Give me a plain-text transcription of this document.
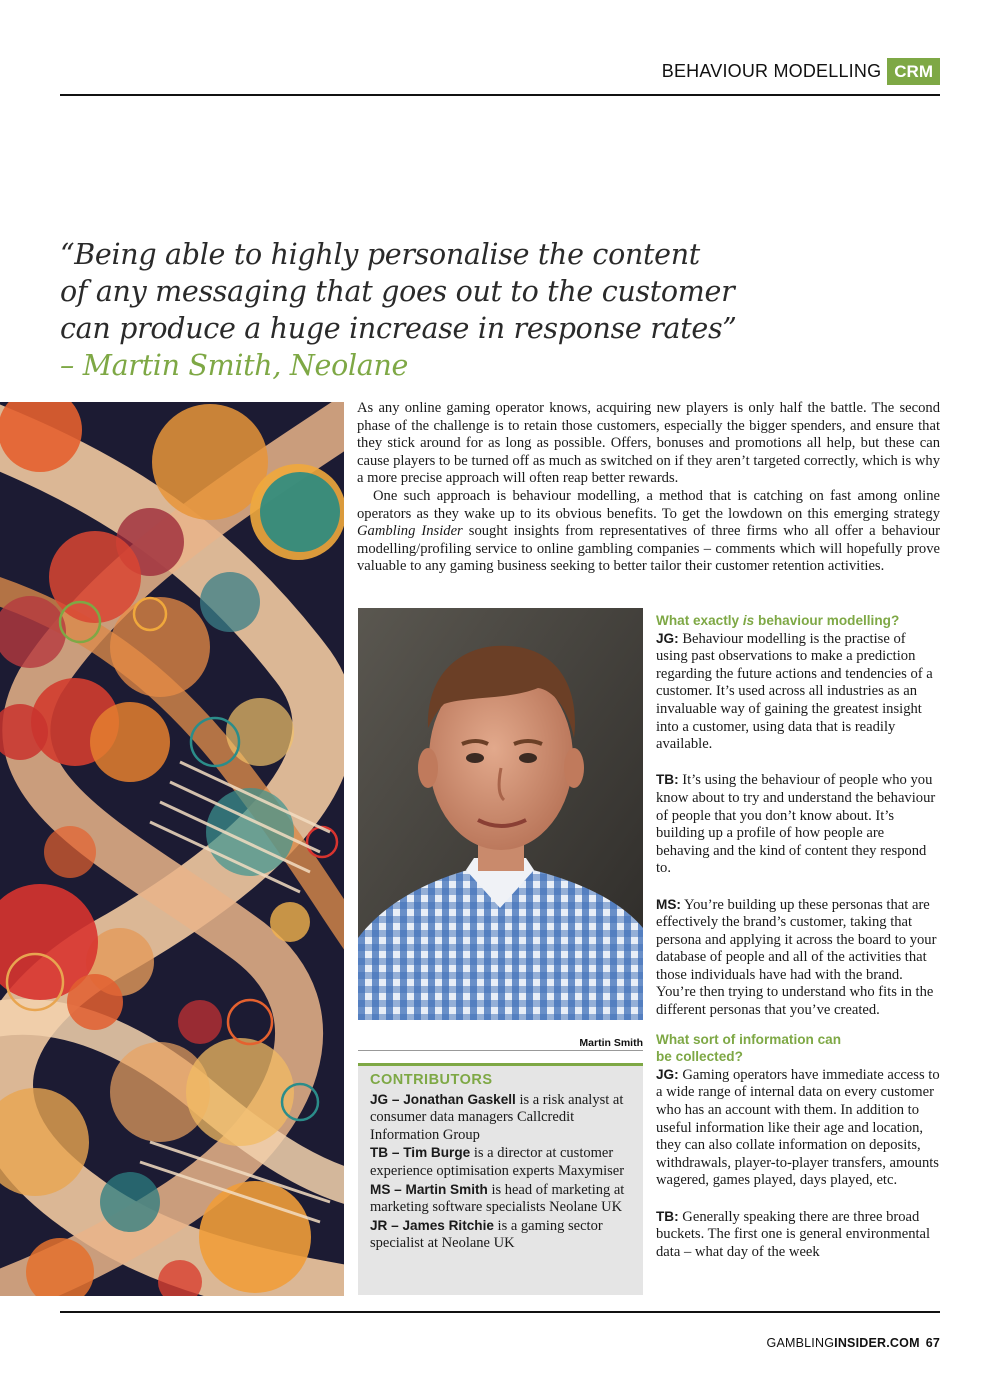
BEHAVIOUR MODELLING CRM
“Being able to highly personalise the content
of any messaging that goes out to the customer
can produce a huge increase in response rates”
– Martin Smith, Neolane

As any online gaming operator knows, acquiring new players is only half the battle. The second phase of the challenge is to retain those customers, especially the bigger spenders, and ensure that they stick around for as long as possible. Offers, bonuses and promotions all help, but these can cause players to be turned off as much as switched on if they aren’t targeted correctly, which is why a more precise approach will often reap better rewards.

One such approach is behaviour modelling, a method that is catching on fast among online operators as they wake up to its obvious benefits. To get the lowdown on this emerging strategy Gambling Insider sought insights from representatives of three firms who all offer a behaviour modelling/profiling service to online gambling companies – comments which will hopefully prove valuable to any gaming business seeking to better tailor their customer retention activities.

Martin Smith
CONTRIBUTORS

JG – Jonathan Gaskell is a risk analyst at consumer data managers Callcredit Information Group

TB – Tim Burge is a director at customer experience optimisation experts Maxymiser

MS – Martin Smith is head of marketing at marketing software specialists Neolane UK

JR – James Ritchie is a gaming sector specialist at Neolane UK

What exactly is behaviour modelling?

JG: Behaviour modelling is the practise of using past observations to make a prediction regarding the future actions and tendencies of a customer. It’s used across all industries as an invaluable way of gaining the greatest insight into a customer, using data that is readily available.

TB: It’s using the behaviour of people who you know about to try and understand the behaviour of people that you don’t know about. It’s building up a profile of how people are behaving and the kind of content they respond to.

MS: You’re building up these personas that are effectively the brand’s customer, taking that persona and applying it across the board to your database of people and all of the activities that those individuals have had with the brand. You’re then trying to understand who fits in the different personas that you’ve created.

What sort of information can
be collected?

JG: Gaming operators have immediate access to a wide range of internal data on every customer who has an account with them. In addition to useful information like their age and location, they can also collate information on deposits, withdrawals, player-to-player transfers, amounts wagered, games played, days played, etc.

TB: Generally speaking there are three broad buckets. The first one is general environmental data – what day of the week

GAMBLINGINSIDER.COM 67
